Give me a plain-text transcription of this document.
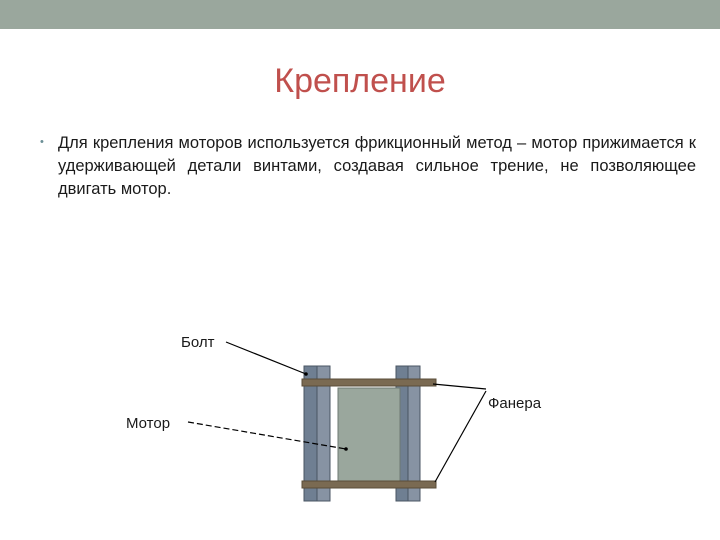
Крепление
• Для крепления моторов используется фрикционный метод – мотор прижимается к удерживающей детали винтами, создавая сильное трение, не позволяющее двигать мотор.
Болт
Мотор
Фанера
